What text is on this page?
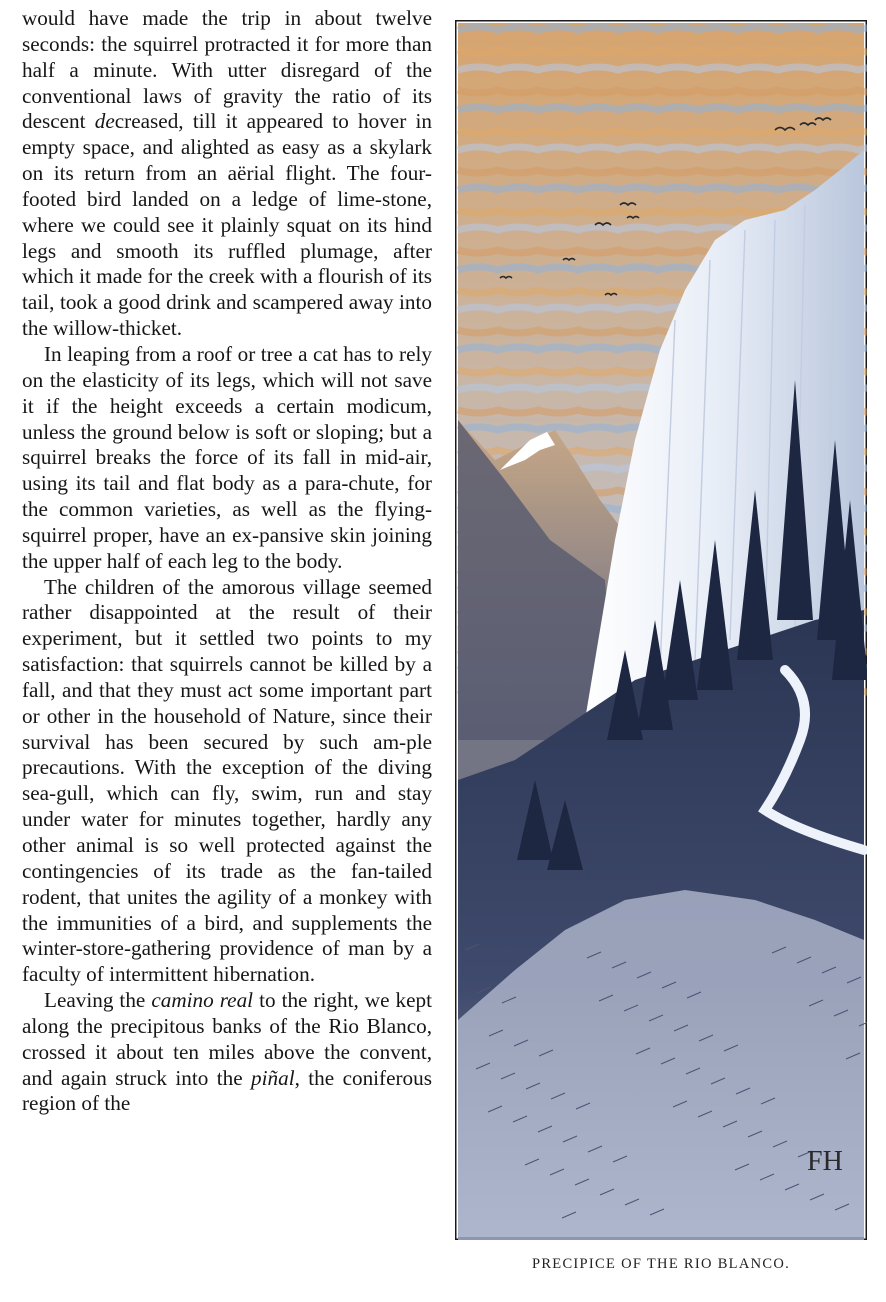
would have made the trip in about twelve seconds: the squirrel protracted it for more than half a minute. With utter disregard of the conventional laws of gravity the ratio of its descent decreased, till it appeared to hover in empty space, and alighted as easy as a skylark on its return from an aërial flight. The four-footed bird landed on a ledge of lime-stone, where we could see it plainly squat on its hind legs and smooth its ruffled plumage, after which it made for the creek with a flourish of its tail, took a good drink and scampered away into the willow-thicket.

In leaping from a roof or tree a cat has to rely on the elasticity of its legs, which will not save it if the height exceeds a certain modicum, unless the ground below is soft or sloping; but a squirrel breaks the force of its fall in mid-air, using its tail and flat body as a para-chute, for the common varieties, as well as the flying-squirrel proper, have an ex-pansive skin joining the upper half of each leg to the body.

The children of the amorous village seemed rather disappointed at the result of their experiment, but it settled two points to my satisfaction: that squirrels cannot be killed by a fall, and that they must act some important part or other in the household of Nature, since their survival has been secured by such am-ple precautions. With the exception of the diving sea-gull, which can fly, swim, run and stay under water for minutes together, hardly any other animal is so well protected against the contingencies of its trade as the fan-tailed rodent, that unites the agility of a monkey with the immunities of a bird, and supplements the winter-store-gathering providence of man by a faculty of intermittent hibernation.

Leaving the camino real to the right, we kept along the precipitous banks of the Rio Blanco, crossed it about ten miles above the convent, and again struck into the piñal, the coniferous region of the

FH
PRECIPICE OF THE RIO BLANCO.
